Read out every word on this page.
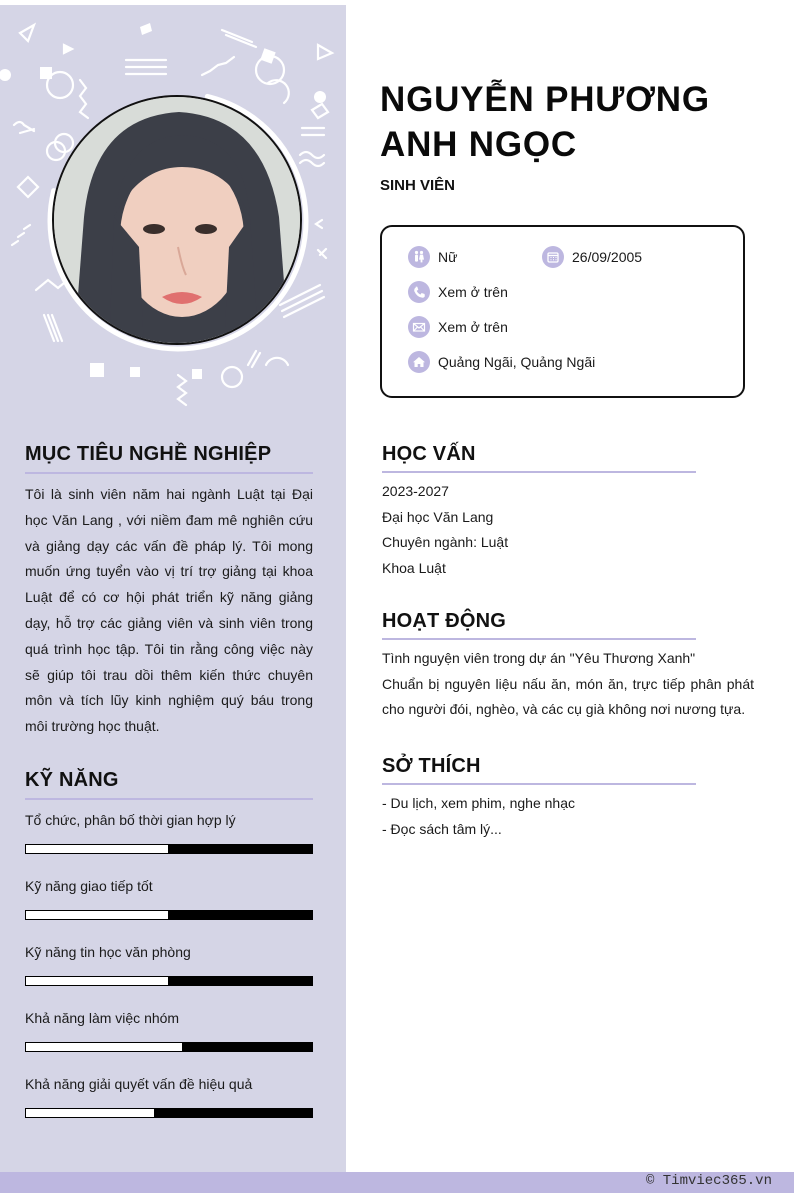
MỤC TIÊU NGHỀ NGHIỆP

Tôi là sinh viên năm hai ngành Luật tại Đại học Văn Lang , với niềm đam mê nghiên cứu và giảng dạy các vấn đề pháp lý. Tôi mong muốn ứng tuyển vào vị trí trợ giảng tại khoa Luật để có cơ hội phát triển kỹ năng giảng dạy, hỗ trợ các giảng viên và sinh viên trong quá trình học tập. Tôi tin rằng công việc này sẽ giúp tôi trau dồi thêm kiến thức chuyên môn và tích lũy kinh nghiệm quý báu trong môi trường học thuật.

KỸ NĂNG
Tổ chức, phân bố thời gian hợp lý
Kỹ năng giao tiếp tốt
Kỹ năng tin học văn phòng
Khả năng làm việc nhóm
Khả năng giải quyết vấn đề hiệu quả
NGUYỄN PHƯƠNG
ANH NGỌC
SINH VIÊN
Nữ	26/09/2005
Xem ở trên
Xem ở trên
Quảng Ngãi, Quảng Ngãi
HỌC VẤN
2023-2027
Đại học Văn Lang
Chuyên ngành: Luật
Khoa Luật
HOẠT ĐỘNG
Tình nguyện viên trong dự án "Yêu Thương Xanh"
Chuẩn bị nguyên liệu nấu ăn, món ăn, trực tiếp phân phát cho người đói, nghèo, và các cụ già không nơi nương tựa.
SỞ THÍCH
- Du lịch, xem phim, nghe nhạc
- Đọc sách tâm lý...
© Timviec365.vn
